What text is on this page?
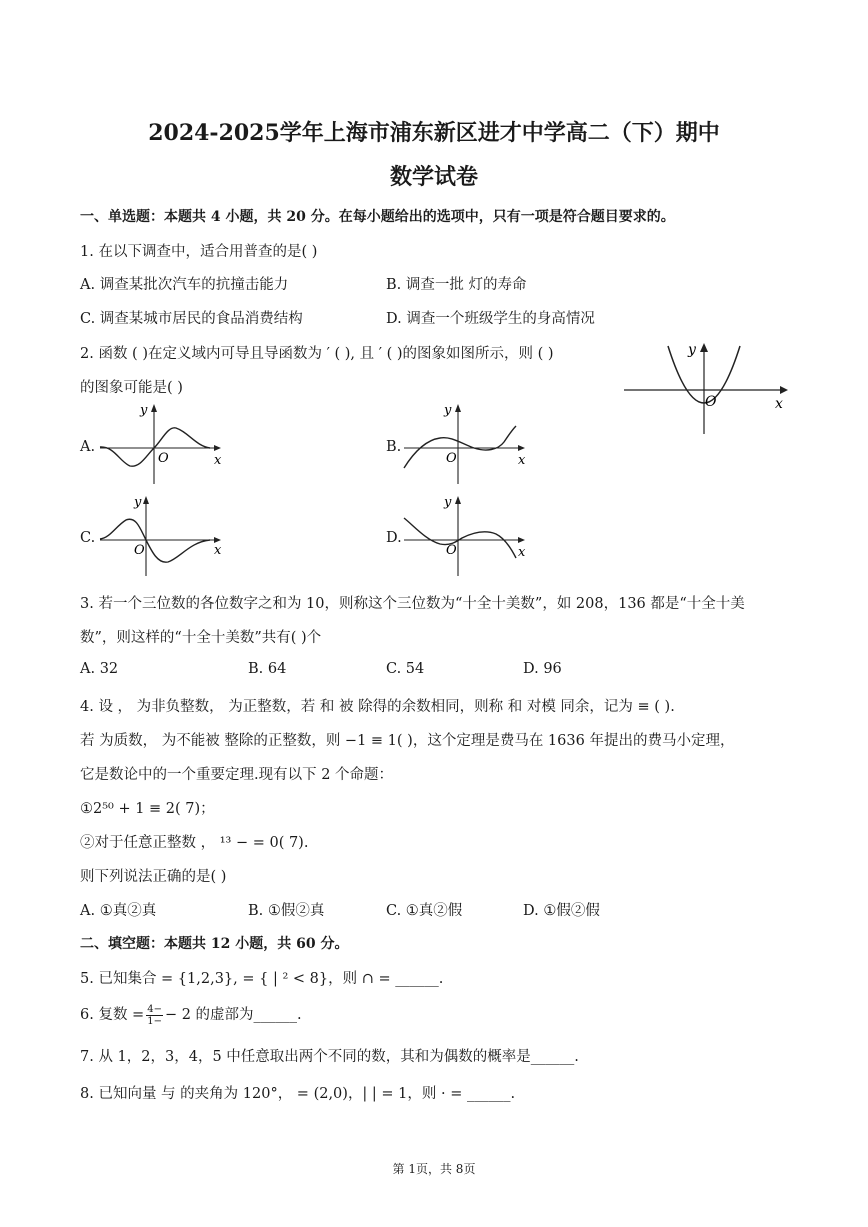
2024-2025学年上海市浦东新区进才中学高二（下）期中
数学试卷
一、单选题：本题共 4 小题，共 20 分。在每小题给出的选项中，只有一项是符合题目要求的。
1. 在以下调查中，适合用普查的是( )
A. 调查某批次汽车的抗撞击能力	B. 调查一批 灯的寿命
C. 调查某城市居民的食品消费结构	D. 调查一个班级学生的身高情况
2. 函数 ( )在定义域内可导且导函数为 ′ ( ), 且 ′ ( )的图象如图所示，则 ( )
的图象可能是( )
x
y
O
A.
x
y
O
B.
x
y
O
C.
x
y
O
D.
x
y
O
3. 若一个三位数的各位数字之和为 10，则称这个三位数为“十全十美数”，如 208，136 都是“十全十美
数”，则这样的“十全十美数”共有( )个
A. 32	B. 64	C. 54	D. 96
4. 设 ， 为非负整数， 为正整数，若 和 被 除得的余数相同，则称 和 对模 同余，记为 ≡ ( ).
若 为质数， 为不能被 整除的正整数，则 −1 ≡ 1( )，这个定理是费马在 1636 年提出的费马小定理，
它是数论中的一个重要定理.现有以下 2 个命题：
①2⁵⁰ + 1 ≡ 2( 7)；
②对于任意正整数 ， ¹³ − = 0( 7).
则下列说法正确的是( )
A. ①真②真	B. ①假②真	C. ①真②假	D. ①假②假
二、填空题：本题共 12 小题，共 60 分。
5. 已知集合 = {1,2,3}, = { | ² < 8}，则 ∩ = ______.
6. 复数 = $\frac{4-}{1-} - 2$ 的虚部为______.
7. 从 1，2，3，4，5 中任意取出两个不同的数，其和为偶数的概率是______.
8. 已知向量 与 的夹角为 120°， = (2,0)，| | = 1，则 · = ______.
第 1页，共 8页
